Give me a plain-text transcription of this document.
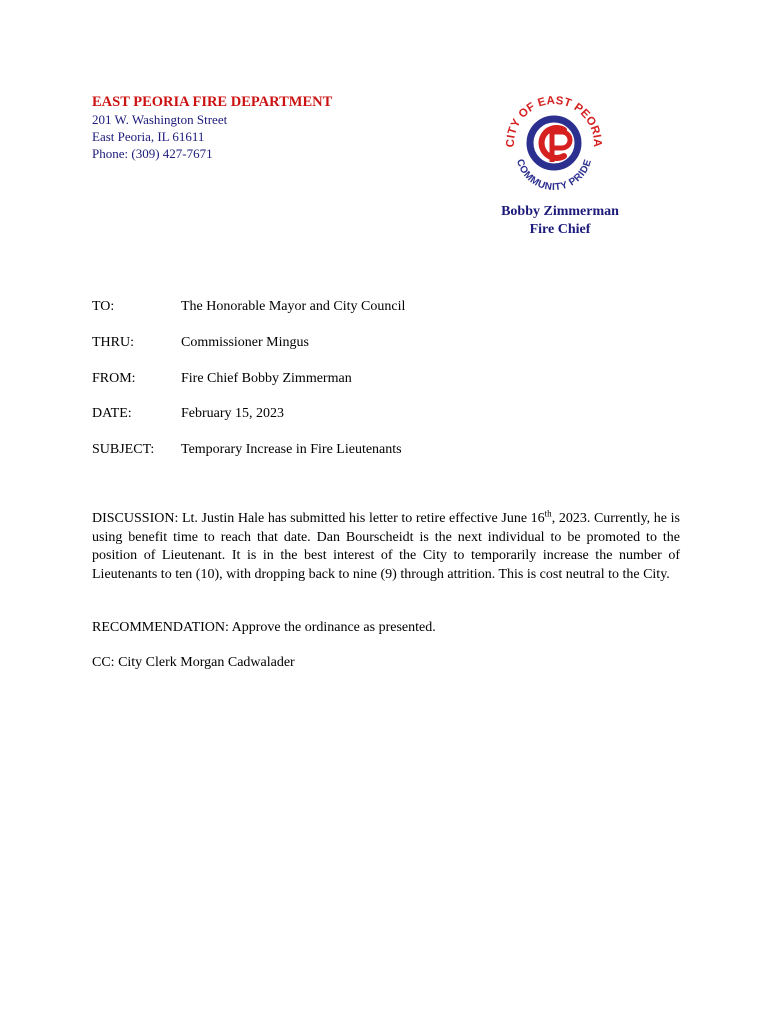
EAST PEORIA FIRE DEPARTMENT
201 W. Washington Street
East Peoria, IL 61611
Phone: (309) 427-7671
CITY OF EAST PEORIA
COMMUNITY PRIDE
Bobby Zimmerman
Fire Chief
TO:	The Honorable Mayor and City Council
THRU:	Commissioner Mingus
FROM:	Fire Chief Bobby Zimmerman
DATE:	February 15, 2023
SUBJECT: Temporary Increase in Fire Lieutenants

DISCUSSION: Lt. Justin Hale has submitted his letter to retire effective June 16th, 2023. Currently, he is using benefit time to reach that date. Dan Bourscheidt is the next individual to be promoted to the position of Lieutenant. It is in the best interest of the City to temporarily increase the number of Lieutenants to ten (10), with dropping back to nine (9) through attrition. This is cost neutral to the City.

RECOMMENDATION: Approve the ordinance as presented.

CC: City Clerk Morgan Cadwalader
